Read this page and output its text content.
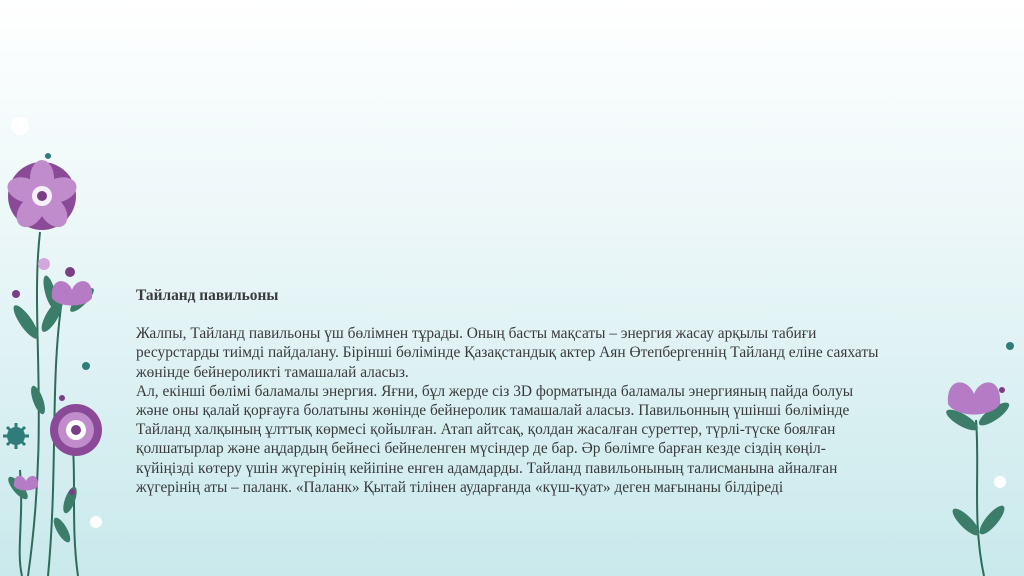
Тайланд павильоны

Жалпы, Тайланд павильоны үш бөлімнен тұрады. Оның басты мақсаты – энергия жасау арқылы табиғи ресурстарды тиімді пайдалану. Бірінші бөлімінде Қазақстандық актер Аян Өтепбергеннің Тайланд еліне саяхаты жөнінде бейнероликті тамашалай аласыз.

Ал, екінші бөлімі баламалы энергия. Яғни, бұл жерде сіз 3D форматында баламалы энергияның пайда болуы және оны қалай қорғауға болатыны жөнінде бейнеролик тамашалай аласыз. Павильонның үшінші бөлімінде Тайланд халқының ұлттық көрмесі қойылған. Атап айтсақ, қолдан жасалған суреттер, түрлі-түске боялған қолшатырлар және аңдардың бейнесі бейнеленген мүсіндер де бар. Әр бөлімге барған кезде сіздің көңіл-күйіңізді көтеру үшін жүгерінің кейіпіне енген адамдарды. Тайланд павильонының талисманына айналған жүгерінің аты – паланк. «Паланк» Қытай тілінен аударғанда «күш-қуат» деген мағынаны білдіреді
